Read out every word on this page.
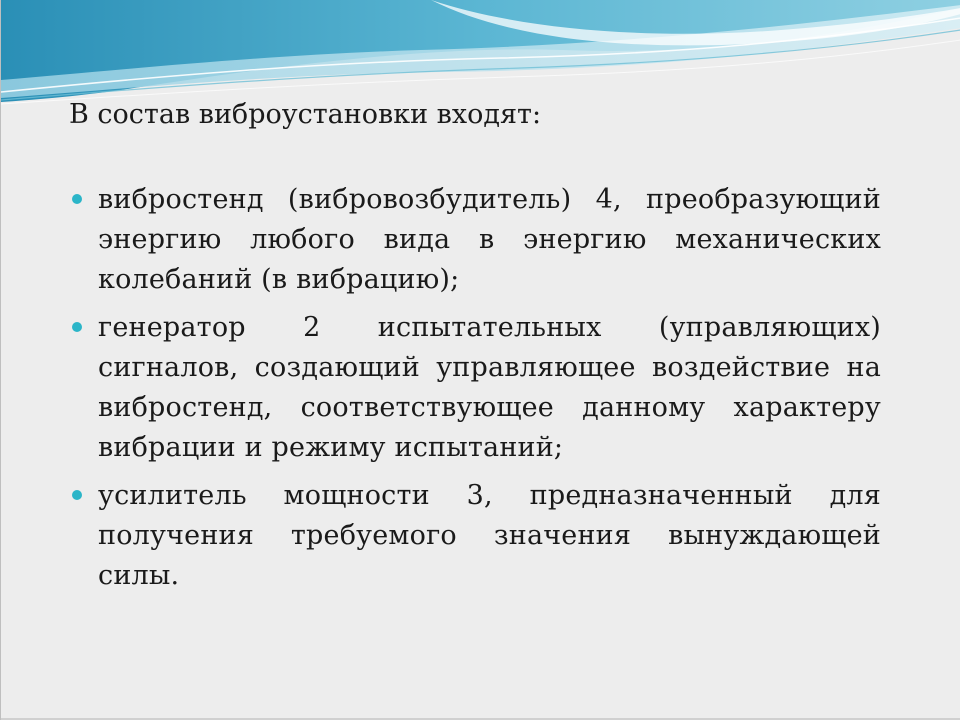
В состав виброустановки входят:
вибростенд (вибровозбудитель) 4, преобразующий энергию любого вида в энергию механических колебаний (в вибрацию);
генератор 2 испытательных (управляющих) сигналов, создающий управляющее воздействие на вибростенд, соответствующее данному характеру вибрации и режиму испытаний;
усилитель мощности 3, предназначенный для получения требуемого значения вынуждающей силы.
